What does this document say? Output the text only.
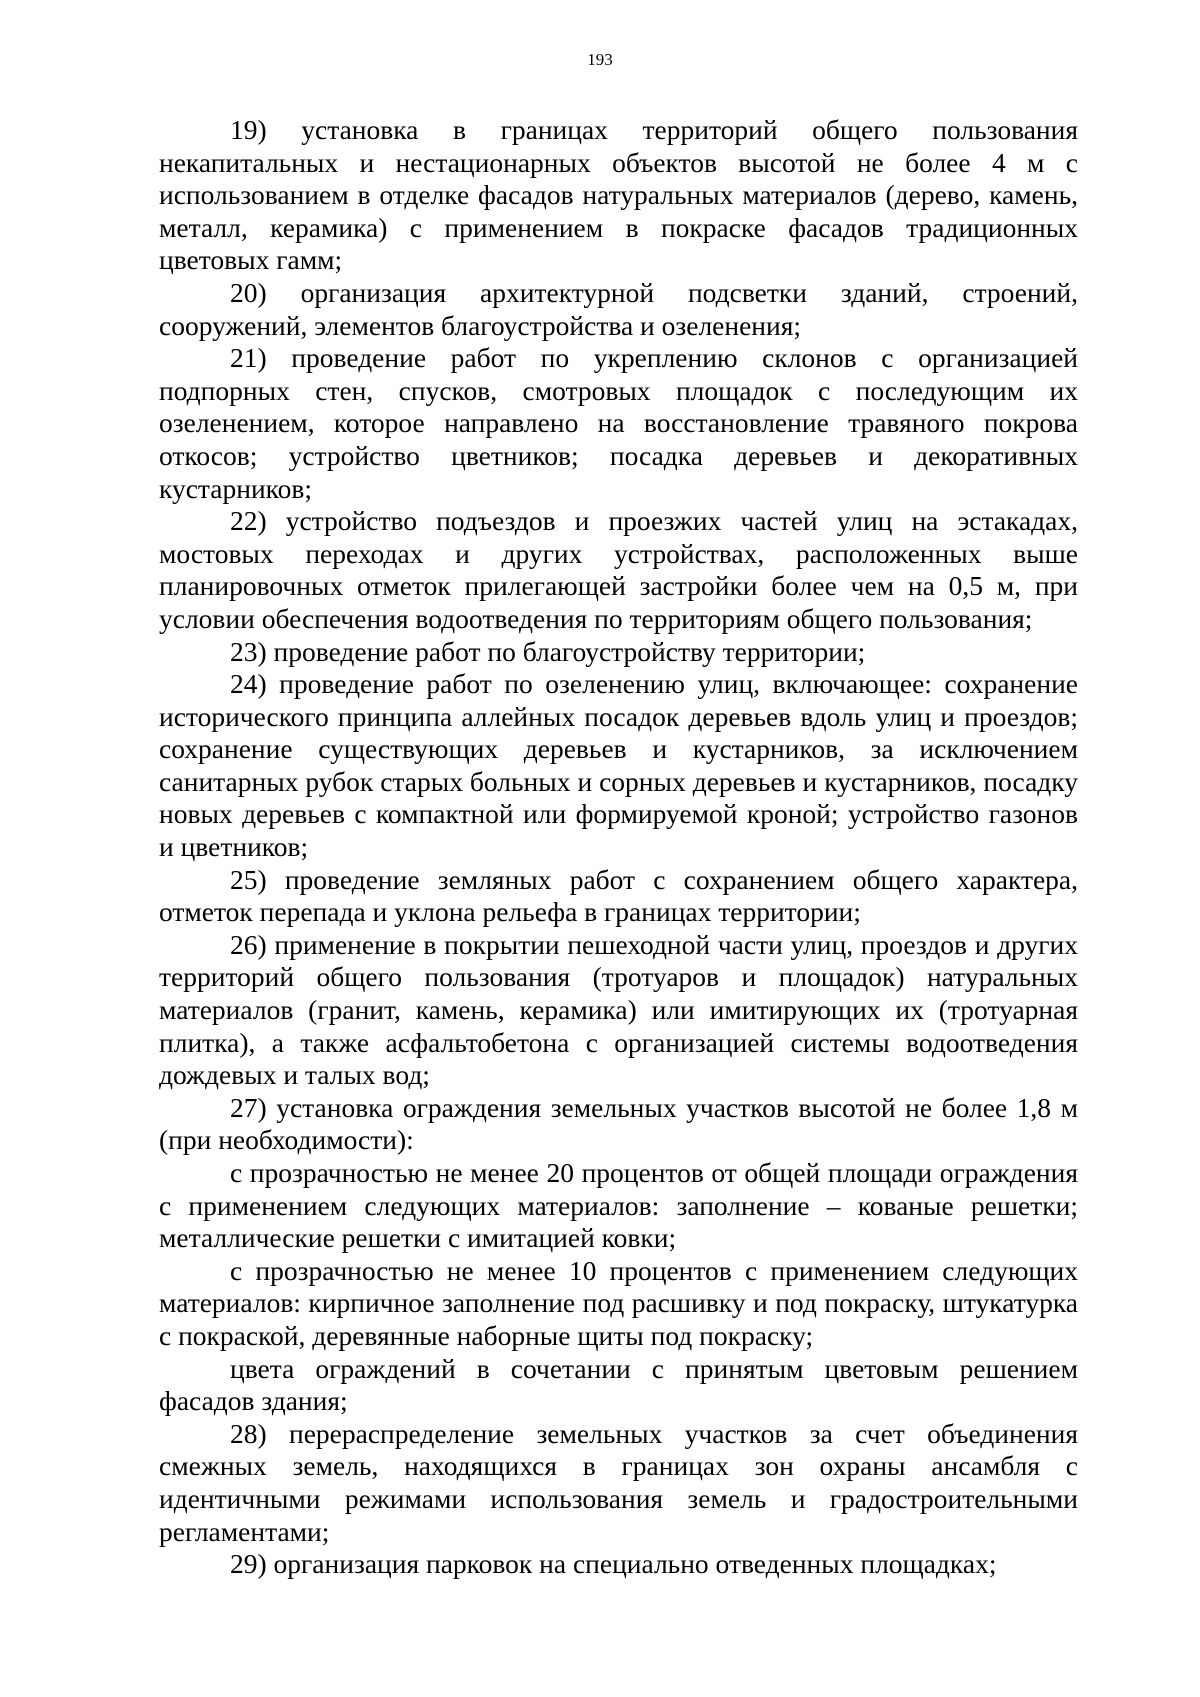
193

19) установка в границах территорий общего пользования некапитальных и нестационарных объектов высотой не более 4 м с использованием в отделке фасадов натуральных материалов (дерево, камень, металл, керамика) с применением в покраске фасадов традиционных цветовых гамм;

20) организация архитектурной подсветки зданий, строений, сооружений, элементов благоустройства и озеленения;

21) проведение работ по укреплению склонов с организацией подпорных стен, спусков, смотровых площадок с последующим их озеленением, которое направлено на восстановление травяного покрова откосов; устройство цветников; посадка деревьев и декоративных кустарников;

22) устройство подъездов и проезжих частей улиц на эстакадах, мостовых переходах и других устройствах, расположенных выше планировочных отметок прилегающей застройки более чем на 0,5 м, при условии обеспечения водоотведения по территориям общего пользования;

23) проведение работ по благоустройству территории;

24) проведение работ по озеленению улиц, включающее: сохранение исторического принципа аллейных посадок деревьев вдоль улиц и проездов; сохранение существующих деревьев и кустарников, за исключением санитарных рубок старых больных и сорных деревьев и кустарников, посадку новых деревьев с компактной или формируемой кроной; устройство газонов и цветников;

25) проведение земляных работ с сохранением общего характера, отметок перепада и уклона рельефа в границах территории;

26) применение в покрытии пешеходной части улиц, проездов и других территорий общего пользования (тротуаров и площадок) натуральных материалов (гранит, камень, керамика) или имитирующих их (тротуарная плитка), а также асфальтобетона с организацией системы водоотведения дождевых и талых вод;

27) установка ограждения земельных участков высотой не более 1,8 м (при необходимости):

с прозрачностью не менее 20 процентов от общей площади ограждения с применением следующих материалов: заполнение – кованые решетки; металлические решетки с имитацией ковки;

с прозрачностью не менее 10 процентов с применением следующих материалов: кирпичное заполнение под расшивку и под покраску, штукатурка с покраской, деревянные наборные щиты под покраску;

цвета ограждений в сочетании с принятым цветовым решением фасадов здания;

28) перераспределение земельных участков за счет объединения смежных земель, находящихся в границах зон охраны ансамбля с идентичными режимами использования земель и градостроительными регламентами;

29) организация парковок на специально отведенных площадках;
